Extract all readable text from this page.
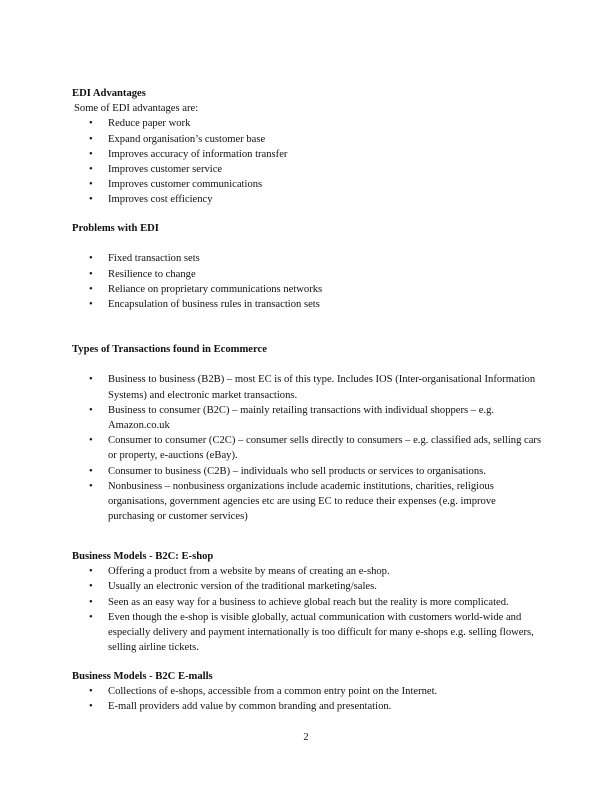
EDI Advantages

Some of EDI advantages are:

• Reduce paper work
• Expand organisation’s customer base
• Improves accuracy of information transfer
• Improves customer service
• Improves customer communications
• Improves cost efficiency
Problems with EDI
• Fixed transaction sets
• Resilience to change
• Reliance on proprietary communications networks
• Encapsulation of business rules in transaction sets
Types of Transactions found in Ecommerce
• Business to business (B2B) – most EC is of this type. Includes IOS (Inter-organisational Information Systems) and electronic market transactions.
• Business to consumer (B2C) – mainly retailing transactions with individual shoppers – e.g. Amazon.co.uk
• Consumer to consumer (C2C) – consumer sells directly to consumers – e.g. classified ads, selling cars or property, e-auctions (eBay).
• Consumer to business (C2B) – individuals who sell products or services to organisations.
• Nonbusiness – nonbusiness organizations include academic institutions, charities, religious organisations, government agencies etc are using EC to reduce their expenses (e.g. improve purchasing or customer services)
Business Models - B2C: E-shop
• Offering a product from a website by means of creating an e-shop.
• Usually an electronic version of the traditional marketing/sales.
• Seen as an easy way for a business to achieve global reach but the reality is more complicated.
• Even though the e-shop is visible globally, actual communication with customers world-wide and especially delivery and payment internationally is too difficult for many e-shops e.g. selling flowers, selling airline tickets.
Business Models - B2C E-malls
• Collections of e-shops, accessible from a common entry point on the Internet.
• E-mall providers add value by common branding and presentation.
2
